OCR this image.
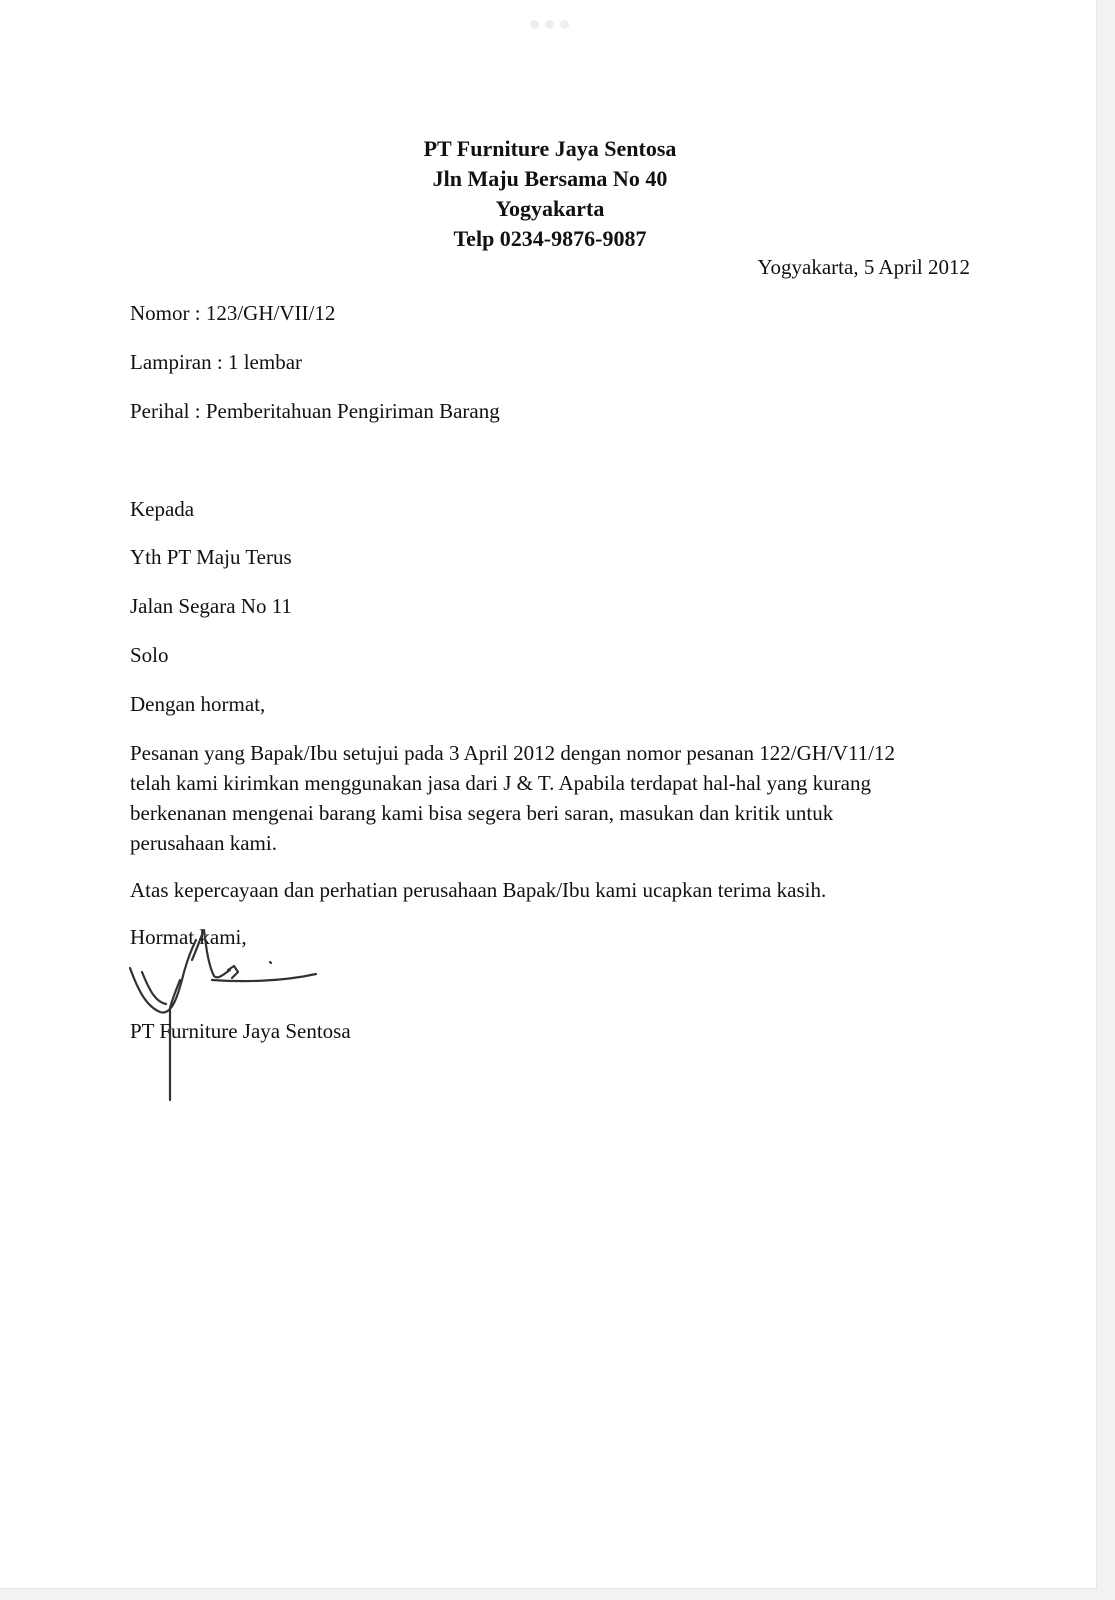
PT Furniture Jaya Sentosa
Jln Maju Bersama No 40
Yogyakarta
Telp 0234-9876-9087
Yogyakarta, 5 April 2012
Nomor : 123/GH/VII/12
Lampiran : 1 lembar
Perihal : Pemberitahuan Pengiriman Barang
Kepada
Yth PT Maju Terus
Jalan Segara No 11
Solo
Dengan hormat,
Pesanan yang Bapak/Ibu setujui pada 3 April 2012 dengan nomor pesanan 122/GH/V11/12
telah kami kirimkan menggunakan jasa dari J & T. Apabila terdapat hal-hal yang kurang
berkenanan mengenai barang kami bisa segera beri saran, masukan dan kritik untuk
perusahaan kami.
Atas kepercayaan dan perhatian perusahaan Bapak/Ibu kami ucapkan terima kasih.
Hormat kami,
PT Furniture Jaya Sentosa
